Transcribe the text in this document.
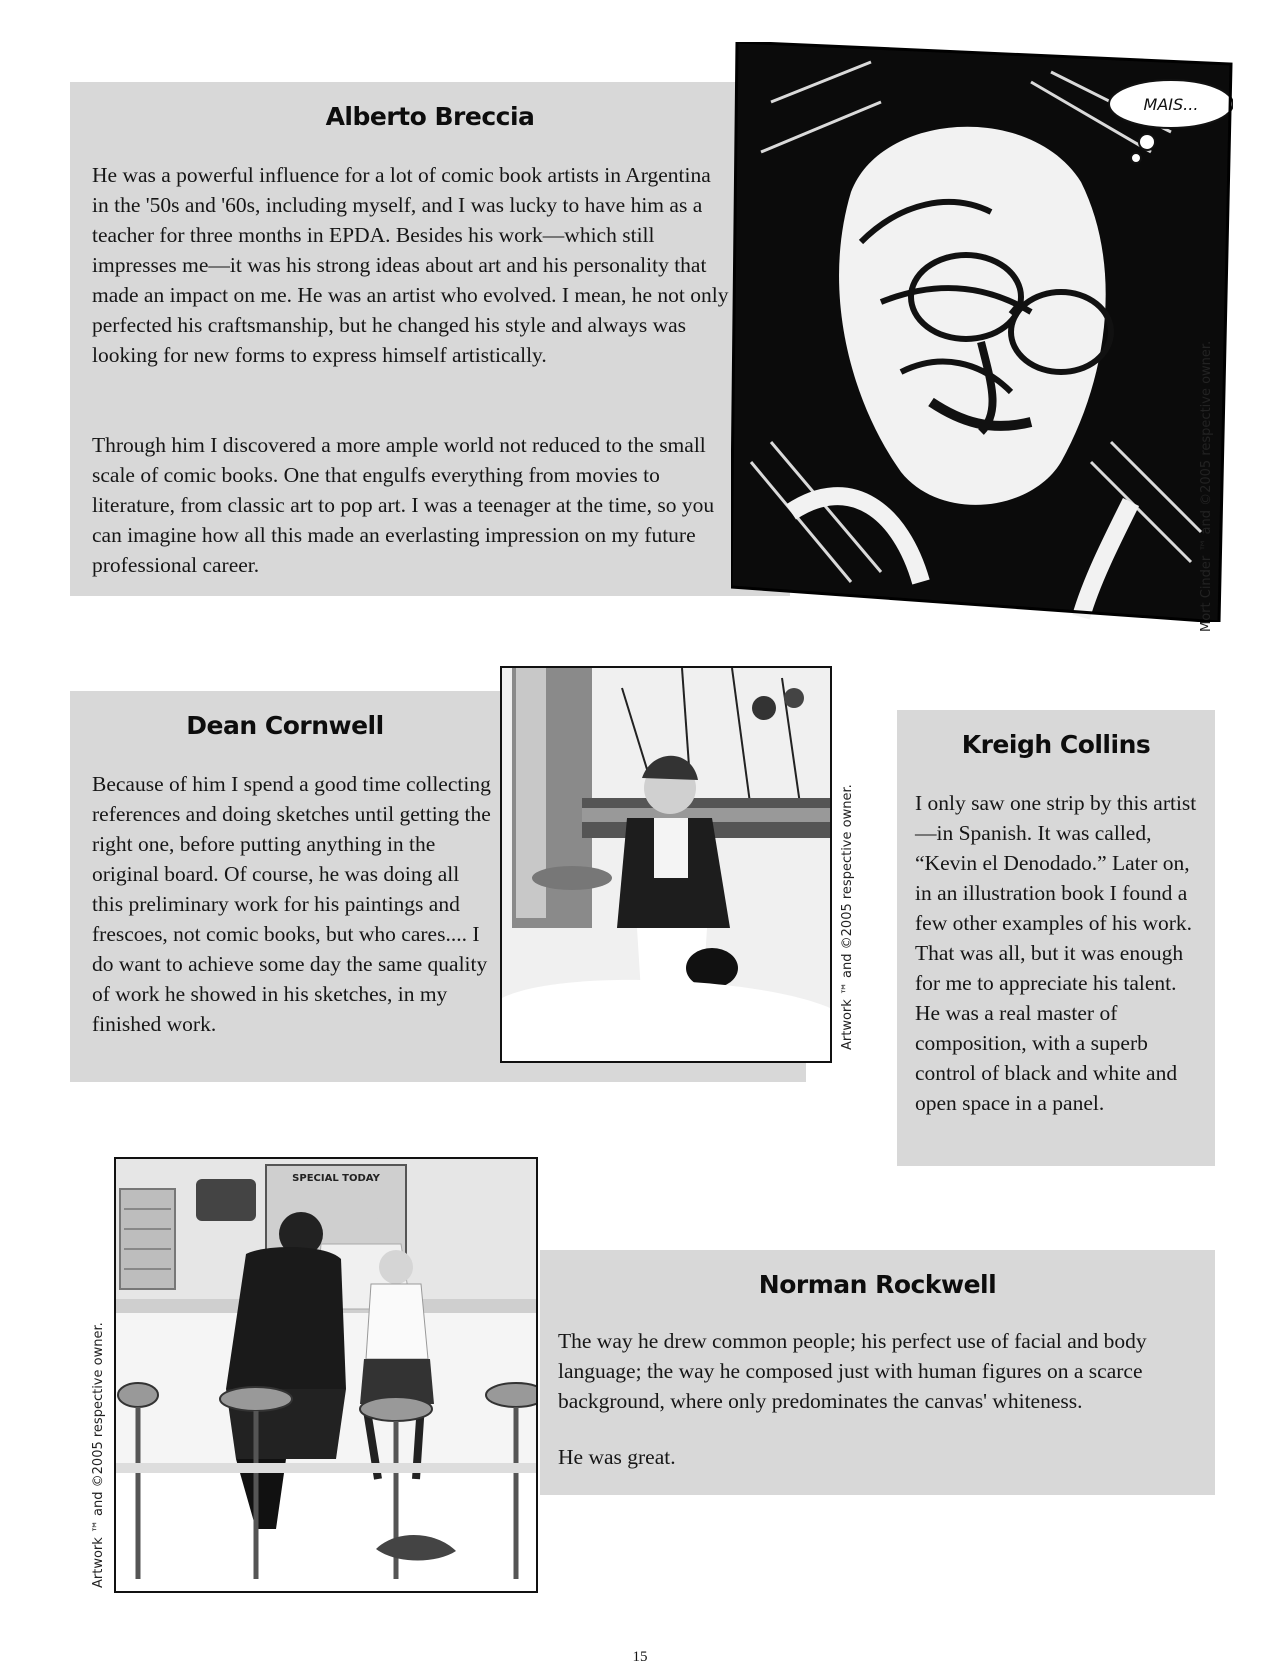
Alberto Breccia

He was a powerful influence for a lot of comic book artists in Argentina in the '50s and '60s, including myself, and I was lucky to have him as a teacher for three months in EPDA. Besides his work—which still impresses me—it was his strong ideas about art and his personality that made an impact on me. He was an artist who evolved. I mean, he not only perfected his craftsmanship, but he changed his style and always was looking for new forms to express himself artistically.

Through him I discovered a more ample world not reduced to the small scale of comic books. One that engulfs everything from movies to literature, from classic art to pop art. I was a teenager at the time, so you can imagine how all this made an everlasting impression on my future professional career.

MAIS...
Mort Cinder ™ and ©2005 respective owner.
Dean Cornwell

Because of him I spend a good time collecting references and doing sketches until getting the right one, before putting anything in the original board. Of course, he was doing all this preliminary work for his paintings and frescoes, not comic books, but who cares.... I do want to achieve some day the same quality of work he showed in his sketches, in my finished work.	Artwork ™ and ©2005 respective owner.
Kreigh Collins

I only saw one strip by this artist—in Spanish. It was called, “Kevin el Denodado.” Later on, in an illustration book I found a few other examples of his work. That was all, but it was enough for me to appreciate his talent. He was a real master of composition, with a superb control of black and white and open space in a panel.

Norman Rockwell

The way he drew common people; his perfect use of facial and body language; the way he composed just with human figures on a scarce background, where only predominates the canvas' whiteness.

He was great.

SPECIAL TODAY
Artwork ™ and ©2005 respective owner.
15
